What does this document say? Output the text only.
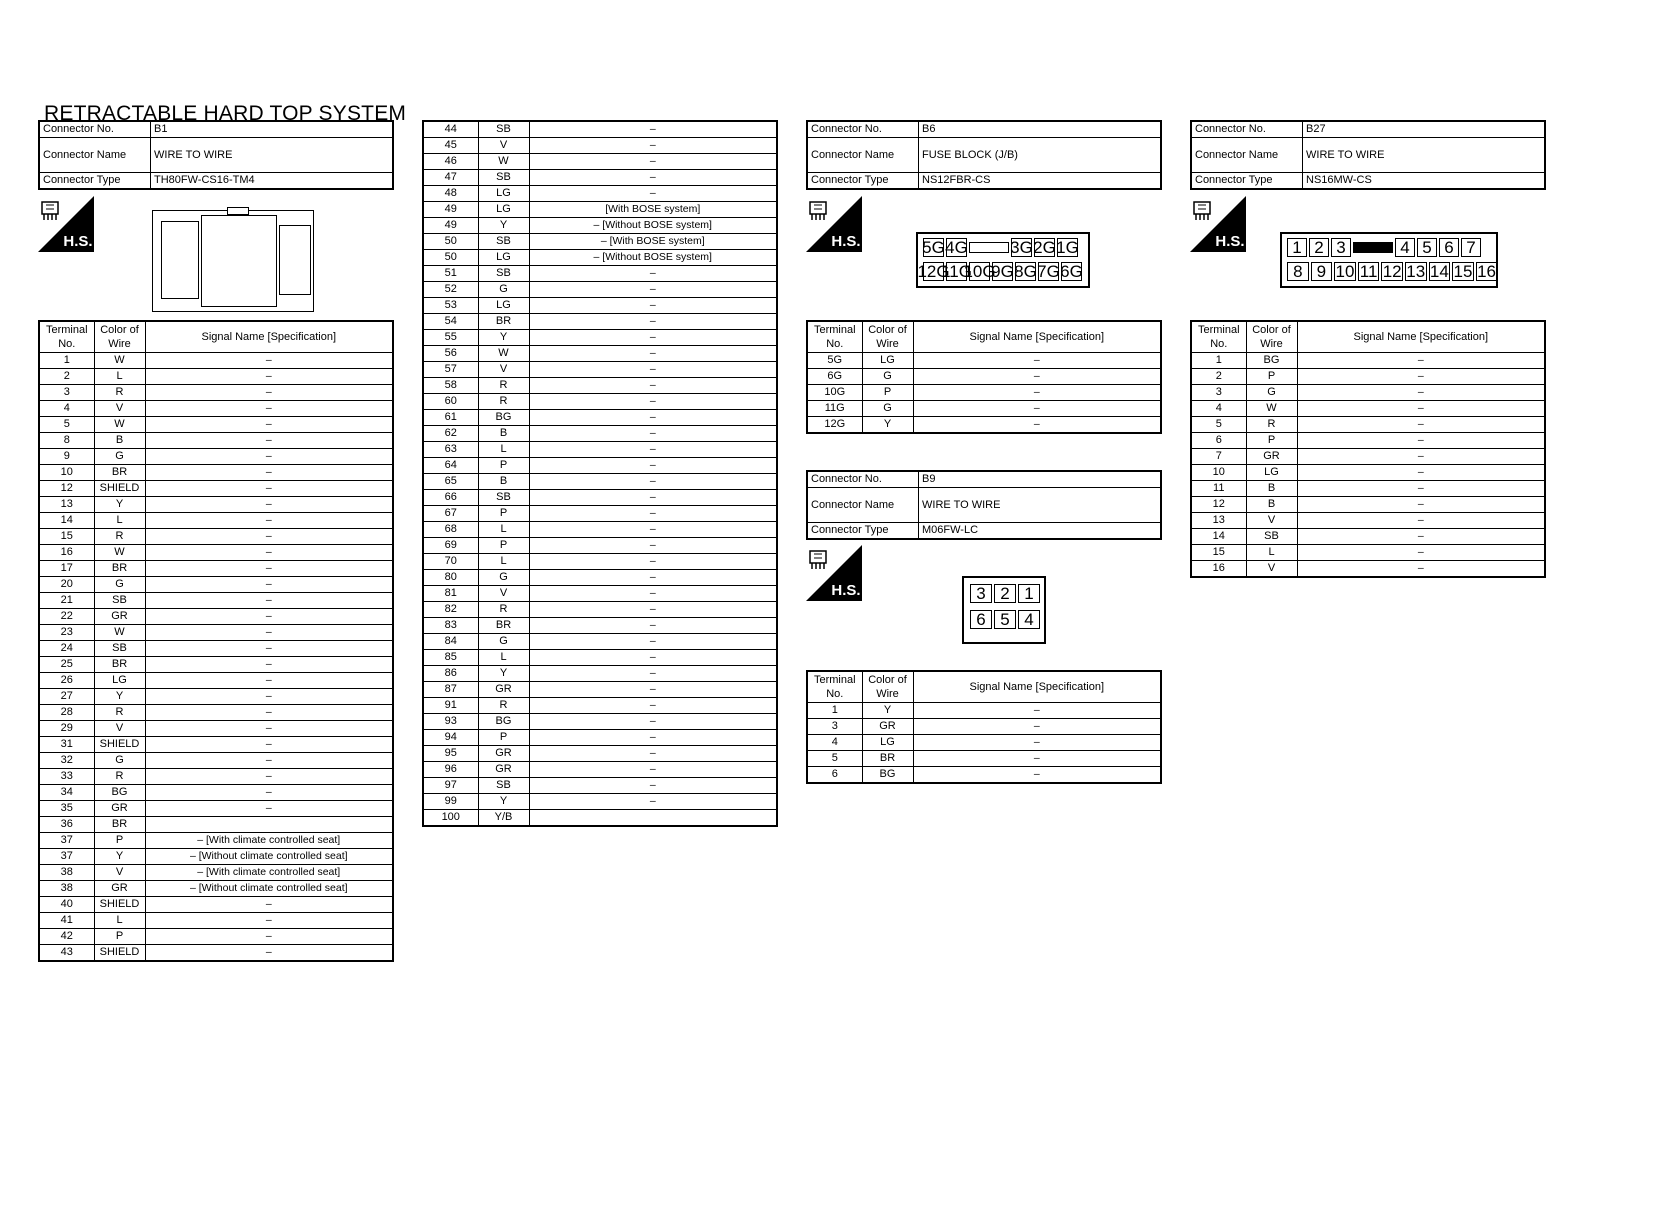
RETRACTABLE HARD TOP SYSTEM
Connector No.	B1
Connector Name	WIRE TO WIRE
Connector Type	TH80FW-CS16-TM4
H.S.
Terminal No.	Color of Wire	Signal Name [Specification]
1	W	–
2	L	–
3	R	–
4	V	–
5	W	–
8	B	–
9	G	–
10	BR	–
12	SHIELD	–
13	Y	–
14	L	–
15	R	–
16	W	–
17	BR	–
20	G	–
21	SB	–
22	GR	–
23	W	–
24	SB	–
25	BR	–
26	LG	–
27	Y	–
28	R	–
29	V	–
31	SHIELD	–
32	G	–
33	R	–
34	BG	–
35	GR	–
36	BR	
37	P	– [With climate controlled seat]
37	Y	– [Without climate controlled seat]
38	V	– [With climate controlled seat]
38	GR	– [Without climate controlled seat]
40	SHIELD	–
41	L	–
42	P	–
43	SHIELD	–
44	SB	–
45	V	–
46	W	–
47	SB	–
48	LG	–
49	LG	[With BOSE system]
49	Y	– [Without BOSE system]
50	SB	– [With BOSE system]
50	LG	– [Without BOSE system]
51	SB	–
52	G	–
53	LG	–
54	BR	–
55	Y	–
56	W	–
57	V	–
58	R	–
60	R	–
61	BG	–
62	B	–
63	L	–
64	P	–
65	B	–
66	SB	–
67	P	–
68	L	–
69	P	–
70	L	–
80	G	–
81	V	–
82	R	–
83	BR	–
84	G	–
85	L	–
86	Y	–
87	GR	–
91	R	–
93	BG	–
94	P	–
95	GR	–
96	GR	–
97	SB	–
99	Y	–
100	Y/B	
Connector No.	B6
Connector Name	FUSE BLOCK (J/B)
Connector Type	NS12FBR-CS
H.S.	5G 4G 3G 2G 1G
12G
11G
10G
9G 8G 7G 6G
Terminal No.	Color of Wire	Signal Name [Specification]
5G	LG	–
6G	G	–
10G	P	–
11G	G	–
12G	Y	–
Connector No.	B9
Connector Name	WIRE TO WIRE
Connector Type	M06FW-LC
H.S.	3 2 1
6 5 4
Terminal No.	Color of Wire	Signal Name [Specification]
1	Y	–
3	GR	–
4	LG	–
5	BR	–
6	BG	–
Connector No.	B27
Connector Name	WIRE TO WIRE
Connector Type	NS16MW-CS
H.S.	1 2 3	4 5 6 7
8 9 10 11 12 13 14 15 16
Terminal No.	Color of Wire	Signal Name [Specification]
1	BG	–
2	P	–
3	G	–
4	W	–
5	R	–
6	P	–
7	GR	–
10	LG	–
11	B	–
12	B	–
13	V	–
14	SB	–
15	L	–
16	V	–
